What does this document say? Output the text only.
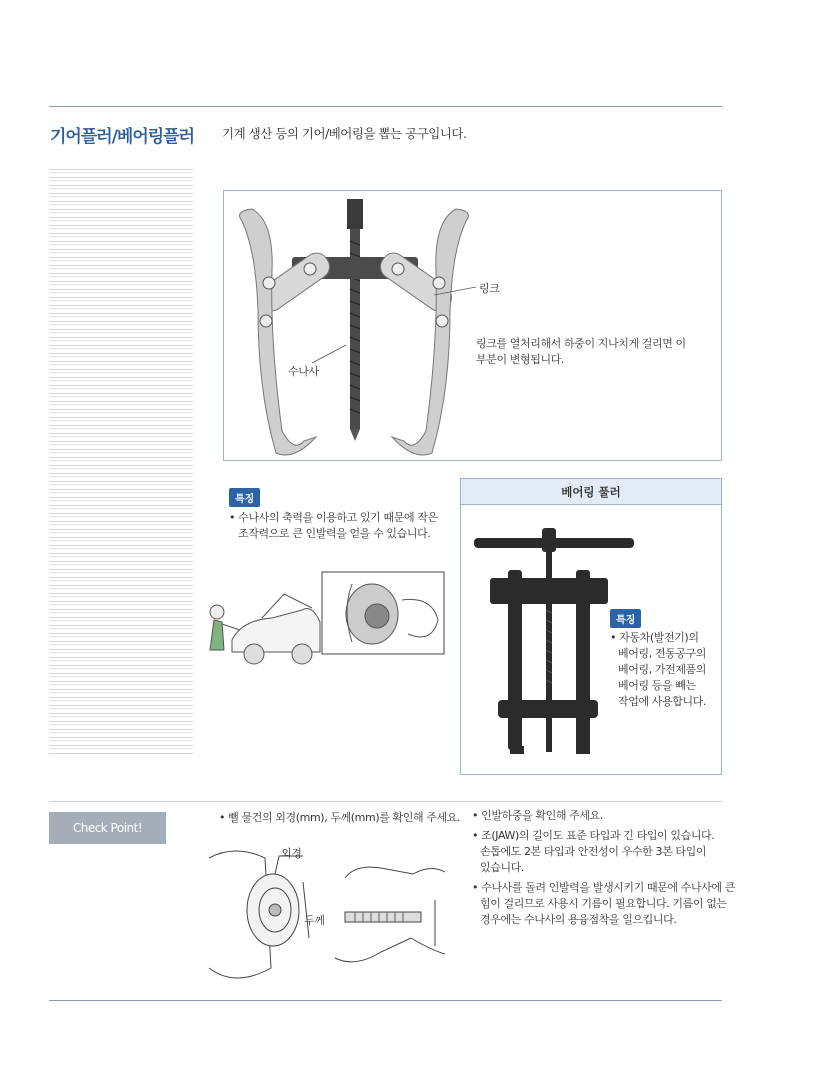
기어플러/베어링플러 기계 생산 등의 기어/베어링을 뽑는 공구입니다.
링크
링크를 열처리해서 하중이 지나치게 걸리면 이
부분이 변형됩니다.
수나사
특징
• 수나사의 축력을 이용하고 있기 때문에 작은
조작력으로 큰 인발력을 얻을 수 있습니다.
베어링 풀러
특징
• 자동차(발전기)의
베어링, 전동공구의
베어링, 가전제품의
베어링 등을 빼는
작업에 사용합니다.
Check Point!
• 뺄 물건의 외경(mm), 두께(mm)를 확인해 주세요.
외경
두께
• 인발하중을 확인해 주세요.
• 조(JAW)의 길이도 표준 타입과 긴 타입이 있습니다.
손톱에도 2본 타입과 안전성이 우수한 3본 타입이
있습니다.
• 수나사를 돌려 인발력을 발생시키기 때문에 수나사에 큰
힘이 걸리므로 사용시 기름이 필요합니다. 기름이 없는
경우에는 수나사의 용융점착을 일으킵니다.
